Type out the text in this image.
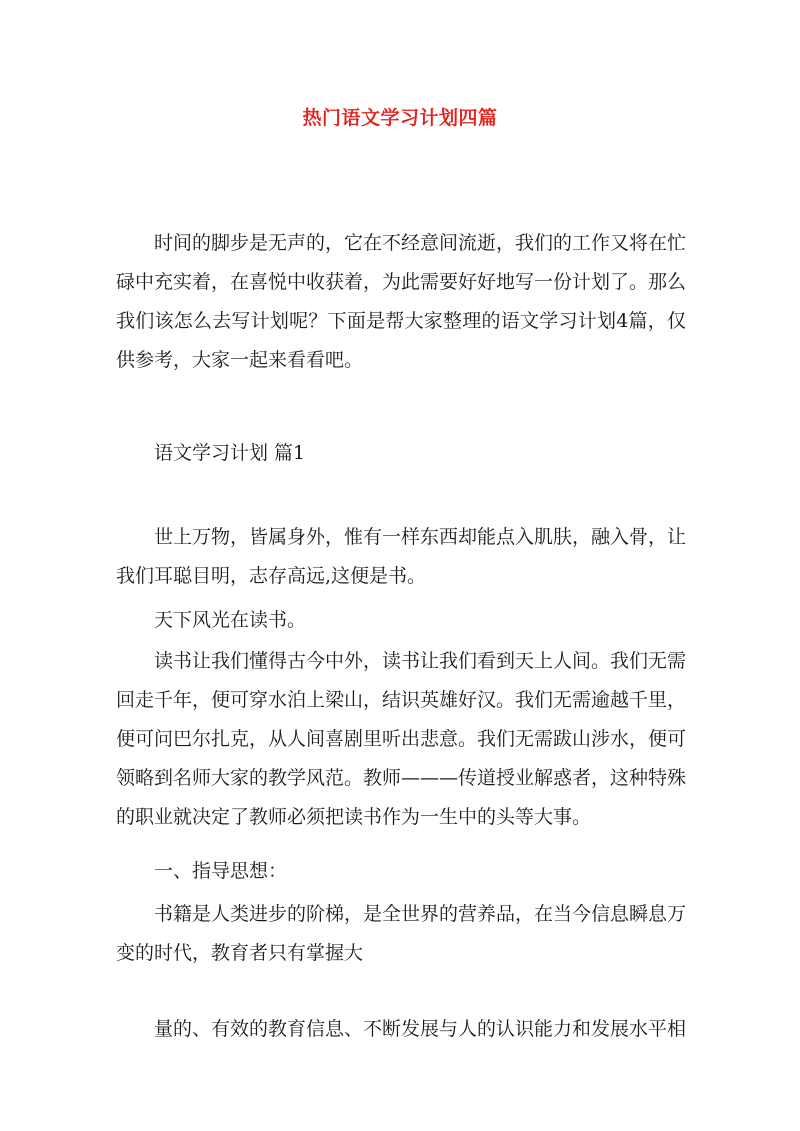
热门语文学习计划四篇
时间的脚步是无声的，它在不经意间流逝，我们的工作又将在忙碌中充实着，在喜悦中收获着，为此需要好好地写一份计划了。那么我们该怎么去写计划呢？下面是帮大家整理的语文学习计划4篇，仅供参考，大家一起来看看吧。
语文学习计划 篇1
世上万物，皆属身外，惟有一样东西却能点入肌肤，融入骨，让我们耳聪目明，志存高远,这便是书。
天下风光在读书。
读书让我们懂得古今中外，读书让我们看到天上人间。我们无需回走千年，便可穿水泊上梁山，结识英雄好汉。我们无需逾越千里，便可问巴尔扎克，从人间喜剧里听出悲意。我们无需跋山涉水，便可领略到名师大家的教学风范。教师———传道授业解惑者，这种特殊的职业就决定了教师必须把读书作为一生中的头等大事。
一、指导思想：
书籍是人类进步的阶梯，是全世界的营养品，在当今信息瞬息万变的时代，教育者只有掌握大
量的、有效的教育信息、不断发展与人的认识能力和发展水平相
